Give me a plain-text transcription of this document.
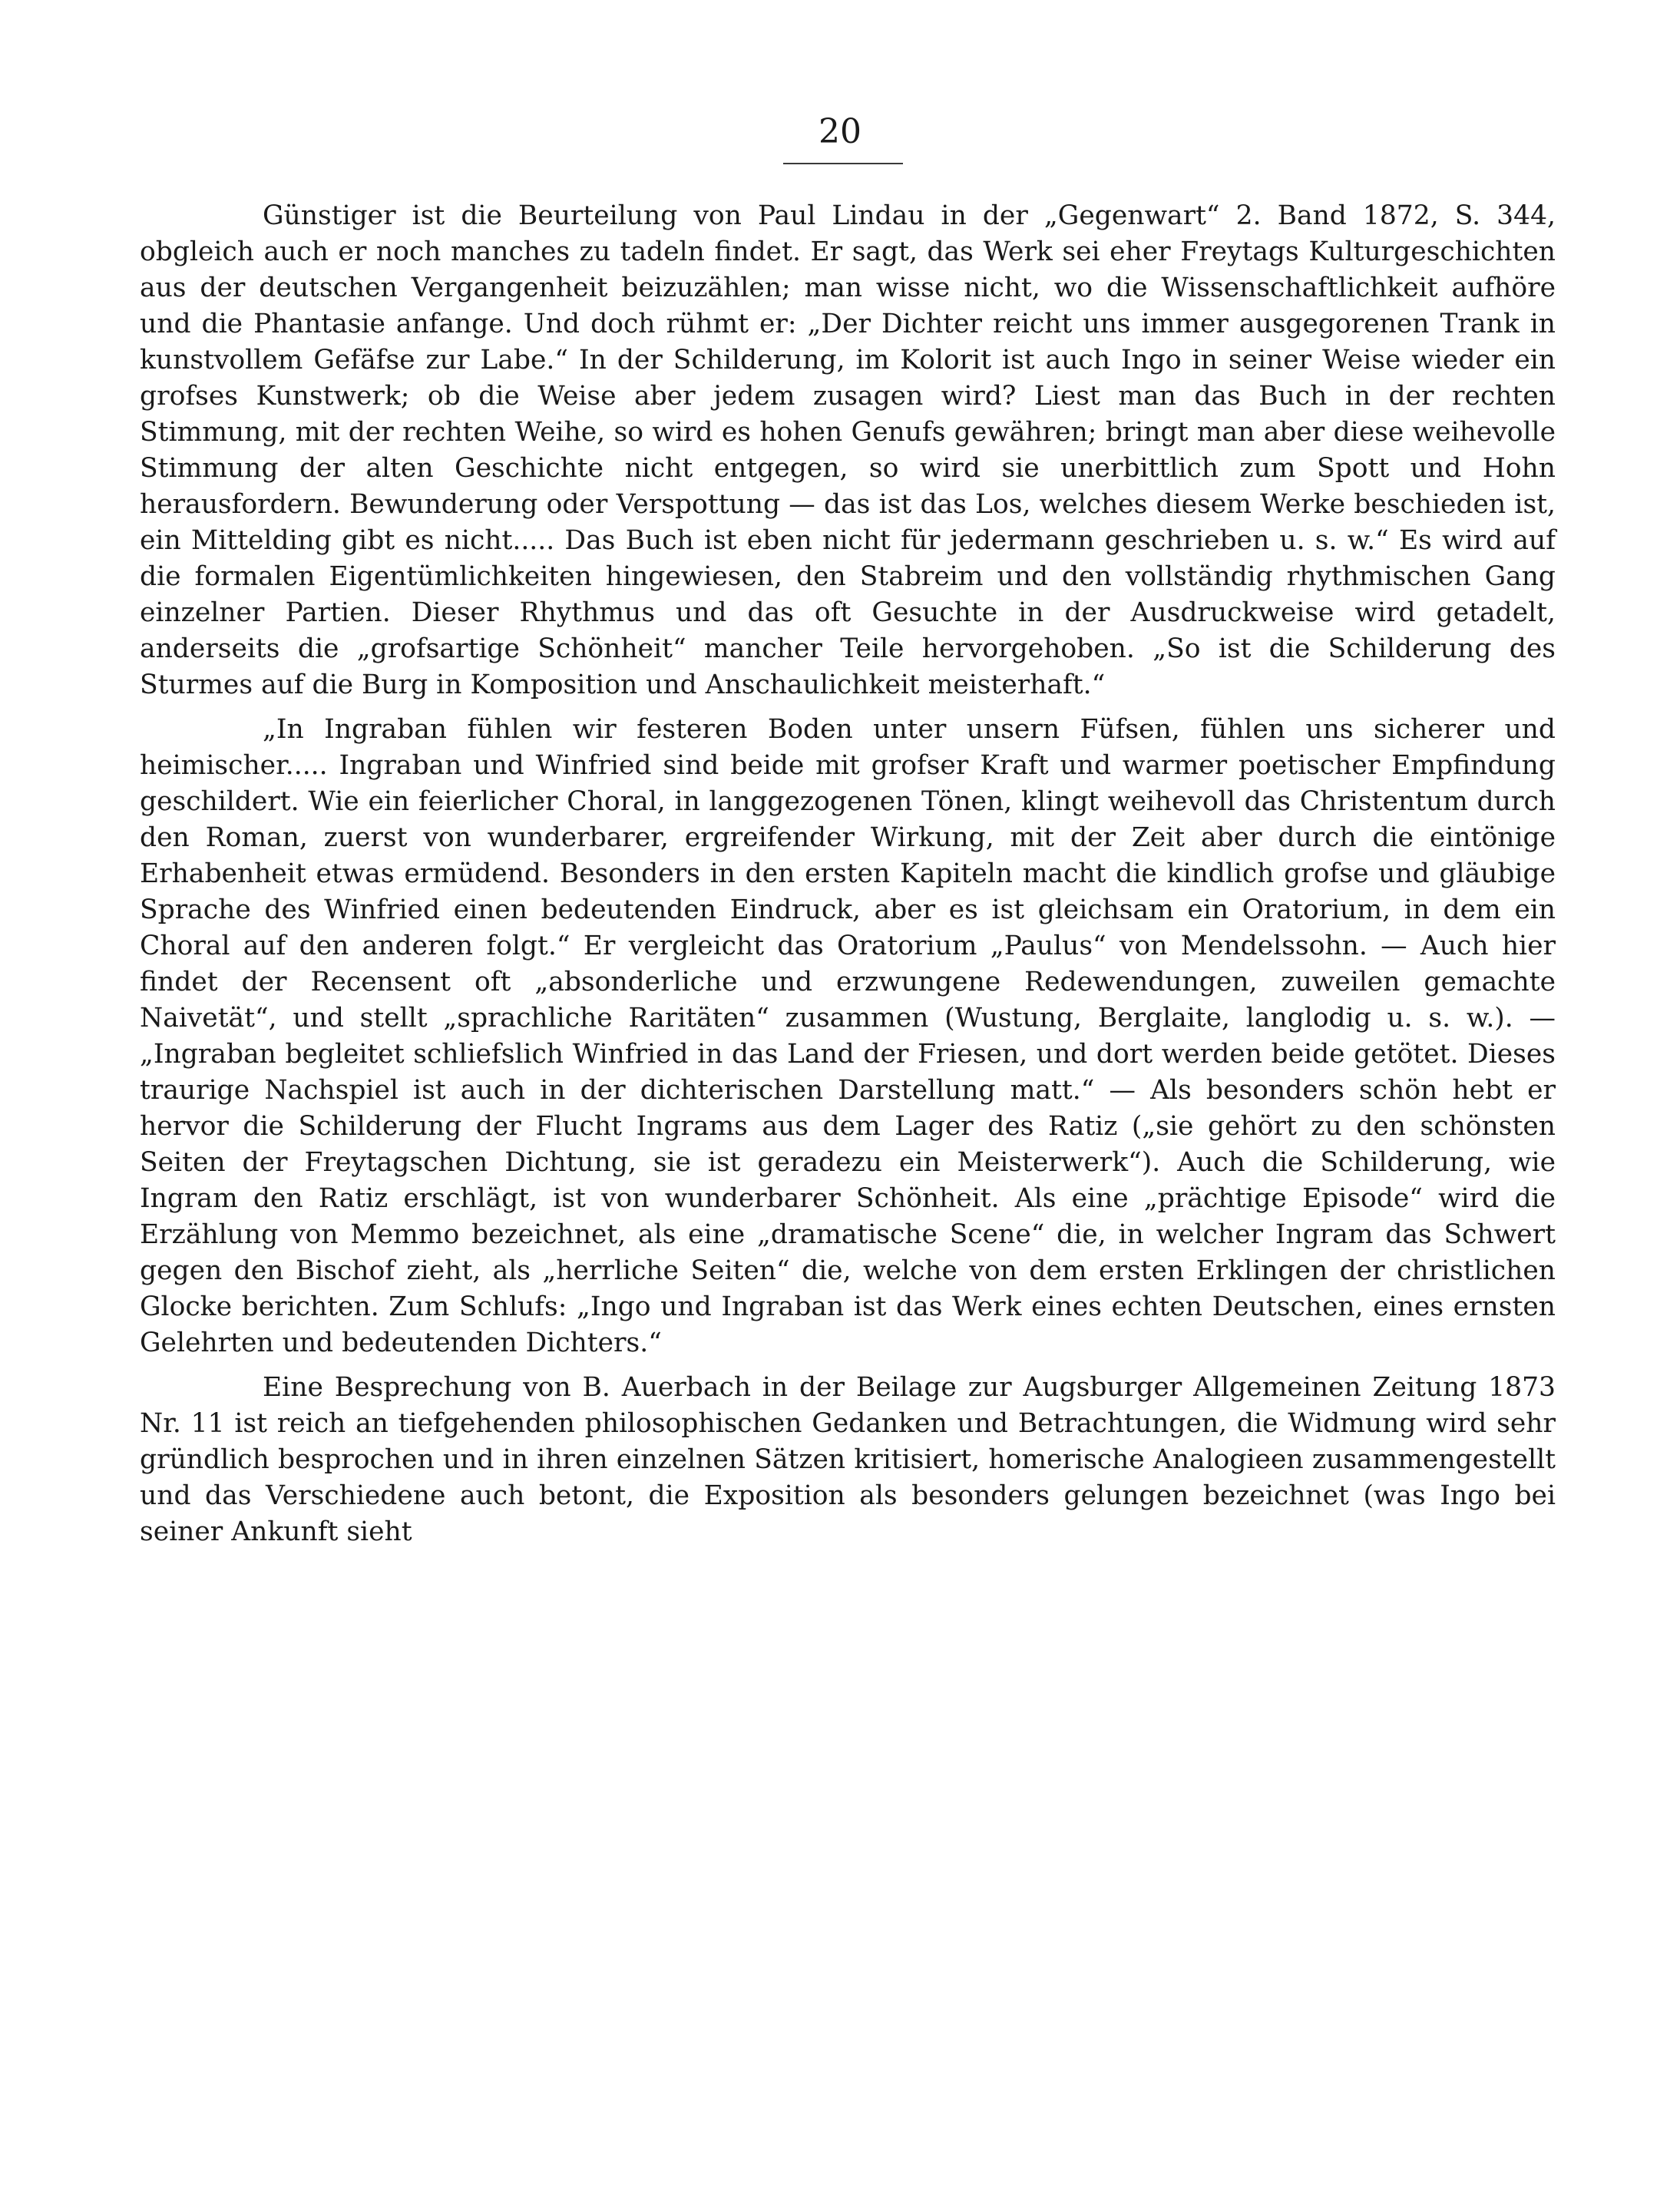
20

Günstiger ist die Beurteilung von Paul Lindau in der „Gegenwart“ 2. Band 1872, S. 344, obgleich auch er noch manches zu tadeln findet. Er sagt, das Werk sei eher Freytags Kulturgeschichten aus der deutschen Vergangenheit beizuzählen; man wisse nicht, wo die Wissenschaftlichkeit aufhöre und die Phantasie anfange. Und doch rühmt er: „Der Dichter reicht uns immer ausgegorenen Trank in kunstvollem Gefäfse zur Labe.“ In der Schilderung, im Kolorit ist auch Ingo in seiner Weise wieder ein grofses Kunstwerk; ob die Weise aber jedem zusagen wird? Liest man das Buch in der rechten Stimmung, mit der rechten Weihe, so wird es hohen Genufs gewähren; bringt man aber diese weihevolle Stimmung der alten Geschichte nicht entgegen, so wird sie unerbittlich zum Spott und Hohn herausfordern. Bewunderung oder Verspottung — das ist das Los, welches diesem Werke beschieden ist, ein Mittelding gibt es nicht..... Das Buch ist eben nicht für jedermann geschrieben u. s. w.“ Es wird auf die formalen Eigentümlichkeiten hingewiesen, den Stabreim und den vollständig rhythmischen Gang einzelner Partien. Dieser Rhythmus und das oft Gesuchte in der Ausdruckweise wird getadelt, anderseits die „grofsartige Schönheit“ mancher Teile hervorgehoben. „So ist die Schilderung des Sturmes auf die Burg in Komposition und Anschaulichkeit meisterhaft.“

„In Ingraban fühlen wir festeren Boden unter unsern Füfsen, fühlen uns sicherer und heimischer..... Ingraban und Winfried sind beide mit grofser Kraft und warmer poetischer Empfindung geschildert. Wie ein feierlicher Choral, in langgezogenen Tönen, klingt weihevoll das Christentum durch den Roman, zuerst von wunderbarer, ergreifender Wirkung, mit der Zeit aber durch die eintönige Erhabenheit etwas ermüdend. Besonders in den ersten Kapiteln macht die kindlich grofse und gläubige Sprache des Winfried einen bedeutenden Eindruck, aber es ist gleichsam ein Oratorium, in dem ein Choral auf den anderen folgt.“ Er vergleicht das Oratorium „Paulus“ von Mendelssohn. — Auch hier findet der Recensent oft „absonderliche und erzwungene Redewendungen, zuweilen gemachte Naivetät“, und stellt „sprachliche Raritäten“ zusammen (Wustung, Berglaite, langlodig u. s. w.). — „Ingraban begleitet schliefslich Winfried in das Land der Friesen, und dort werden beide getötet. Dieses traurige Nachspiel ist auch in der dichterischen Darstellung matt.“ — Als besonders schön hebt er hervor die Schilderung der Flucht Ingrams aus dem Lager des Ratiz („sie gehört zu den schönsten Seiten der Freytagschen Dichtung, sie ist geradezu ein Meisterwerk“). Auch die Schilderung, wie Ingram den Ratiz erschlägt, ist von wunderbarer Schönheit. Als eine „prächtige Episode“ wird die Erzählung von Memmo bezeichnet, als eine „dramatische Scene“ die, in welcher Ingram das Schwert gegen den Bischof zieht, als „herrliche Seiten“ die, welche von dem ersten Erklingen der christlichen Glocke berichten. Zum Schlufs: „Ingo und Ingraban ist das Werk eines echten Deutschen, eines ernsten Gelehrten und bedeutenden Dichters.“

Eine Besprechung von B. Auerbach in der Beilage zur Augsburger Allgemeinen Zeitung 1873 Nr. 11 ist reich an tiefgehenden philosophischen Gedanken und Betrachtungen, die Widmung wird sehr gründlich besprochen und in ihren einzelnen Sätzen kritisiert, homerische Analogieen zusammengestellt und das Verschiedene auch betont, die Exposition als besonders gelungen bezeichnet (was Ingo bei seiner Ankunft sieht
